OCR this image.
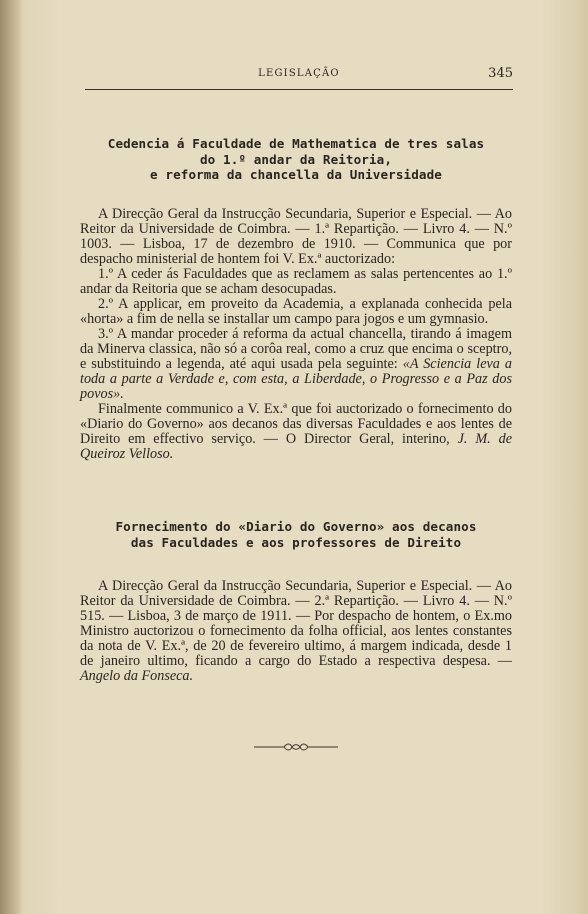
LEGISLAÇÃO	345
Cedencia á Faculdade de Mathematica de tres salas
do 1.º andar da Reitoria,
e reforma da chancella da Universidade

A Direcção Geral da Instrucção Secundaria, Superior e Especial. — Ao Reitor da Universidade de Coimbra. — 1.ª Repartição. — Livro 4. — N.º 1003. — Lisboa, 17 de dezembro de 1910. — Communica que por despacho ministerial de hontem foi V. Ex.ª auctorizado:

1.º A ceder ás Faculdades que as reclamem as salas pertencentes ao 1.º andar da Reitoria que se acham desocupadas.

2.º A applicar, em proveito da Academia, a explanada conhecida pela «horta» a fim de nella se installar um campo para jogos e um gymnasio.

3.º A mandar proceder á reforma da actual chancella, tirando á imagem da Minerva classica, não só a corôa real, como a cruz que encima o sceptro, e substituindo a legenda, até aqui usada pela seguinte: «A Sciencia leva a toda a parte a Verdade e, com esta, a Liberdade, o Progresso e a Paz dos povos».

Finalmente communico a V. Ex.ª que foi auctorizado o fornecimento do «Diario do Governo» aos decanos das diversas Faculdades e aos lentes de Direito em effectivo serviço. — O Director Geral, interino, J. M. de Queiroz Velloso.

Fornecimento do «Diario do Governo» aos decanos
das Faculdades e aos professores de Direito

A Direcção Geral da Instrucção Secundaria, Superior e Especial. — Ao Reitor da Universidade de Coimbra. — 2.ª Repartição. — Livro 4. — N.º 515. — Lisboa, 3 de março de 1911. — Por despacho de hontem, o Ex.mo Ministro auctorizou o fornecimento da folha official, aos lentes constantes da nota de V. Ex.ª, de 20 de fevereiro ultimo, á margem indicada, desde 1 de janeiro ultimo, ficando a cargo do Estado a respectiva despesa. — Angelo da Fonseca.
